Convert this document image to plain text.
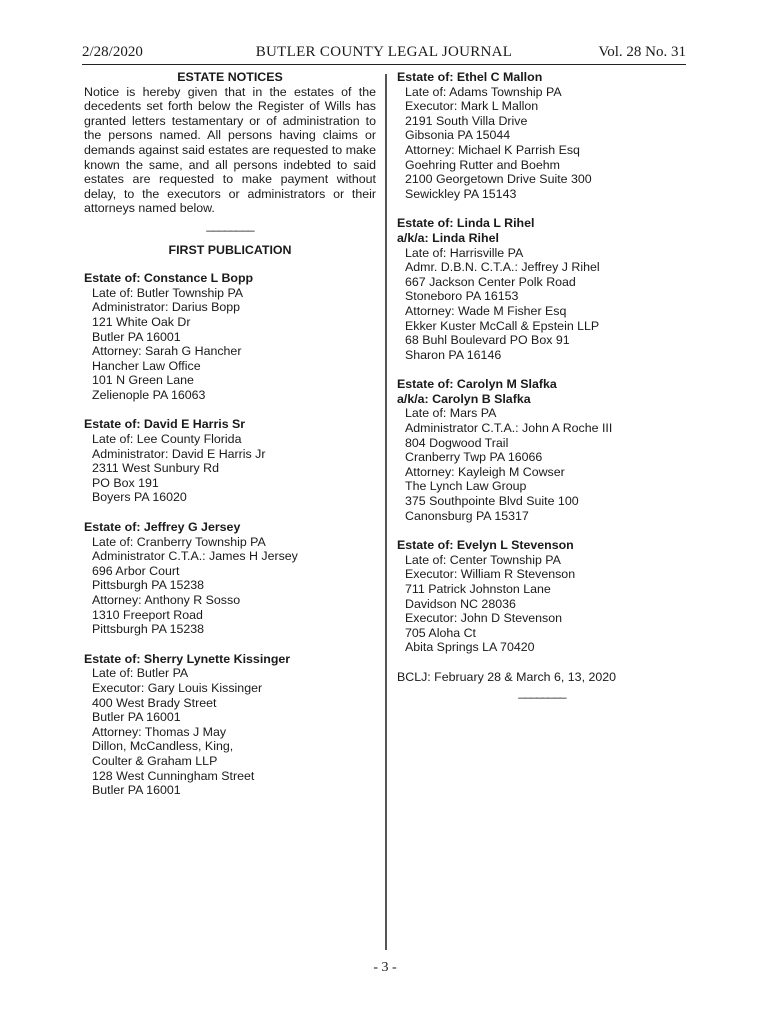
2/28/2020	BUTLER COUNTY LEGAL JOURNAL	Vol. 28 No. 31

ESTATE NOTICES

Notice is hereby given that in the estates of the decedents set forth below the Register of Wills has granted letters testamentary or of administration to the persons named. All persons having claims or demands against said estates are requested to make known the same, and all persons indebted to said estates are requested to make payment without delay, to the executors or administrators or their attorneys named below.

________

FIRST PUBLICATION

Estate of: Constance L Bopp
Late of: Butler Township PA
Administrator: Darius Bopp
121 White Oak Dr
Butler PA 16001
Attorney: Sarah G Hancher
Hancher Law Office
101 N Green Lane
Zelienople PA 16063
Estate of: David E Harris Sr
Late of: Lee County Florida
Administrator: David E Harris Jr
2311 West Sunbury Rd
PO Box 191
Boyers PA 16020
Estate of: Jeffrey G Jersey
Late of: Cranberry Township PA
Administrator C.T.A.: James H Jersey
696 Arbor Court
Pittsburgh PA 15238
Attorney: Anthony R Sosso
1310 Freeport Road
Pittsburgh PA 15238
Estate of: Sherry Lynette Kissinger
Late of: Butler PA
Executor: Gary Louis Kissinger
400 West Brady Street
Butler PA 16001
Attorney: Thomas J May
Dillon, McCandless, King,
Coulter & Graham LLP
128 West Cunningham Street
Butler PA 16001
Estate of: Ethel C Mallon
Late of: Adams Township PA
Executor: Mark L Mallon
2191 South Villa Drive
Gibsonia PA 15044
Attorney: Michael K Parrish Esq
Goehring Rutter and Boehm
2100 Georgetown Drive Suite 300
Sewickley PA 15143
Estate of: Linda L Rihel
a/k/a: Linda Rihel
Late of: Harrisville PA
Admr. D.B.N. C.T.A.: Jeffrey J Rihel
667 Jackson Center Polk Road
Stoneboro PA 16153
Attorney: Wade M Fisher Esq
Ekker Kuster McCall & Epstein LLP
68 Buhl Boulevard PO Box 91
Sharon PA 16146
Estate of: Carolyn M Slafka
a/k/a: Carolyn B Slafka
Late of: Mars PA
Administrator C.T.A.: John A Roche III
804 Dogwood Trail
Cranberry Twp PA 16066
Attorney: Kayleigh M Cowser
The Lynch Law Group
375 Southpointe Blvd Suite 100
Canonsburg PA 15317
Estate of: Evelyn L Stevenson
Late of: Center Township PA
Executor: William R Stevenson
711 Patrick Johnston Lane
Davidson NC 28036
Executor: John D Stevenson
705 Aloha Ct
Abita Springs LA 70420

BCLJ: February 28 & March 6, 13, 2020

________

- 3 -
